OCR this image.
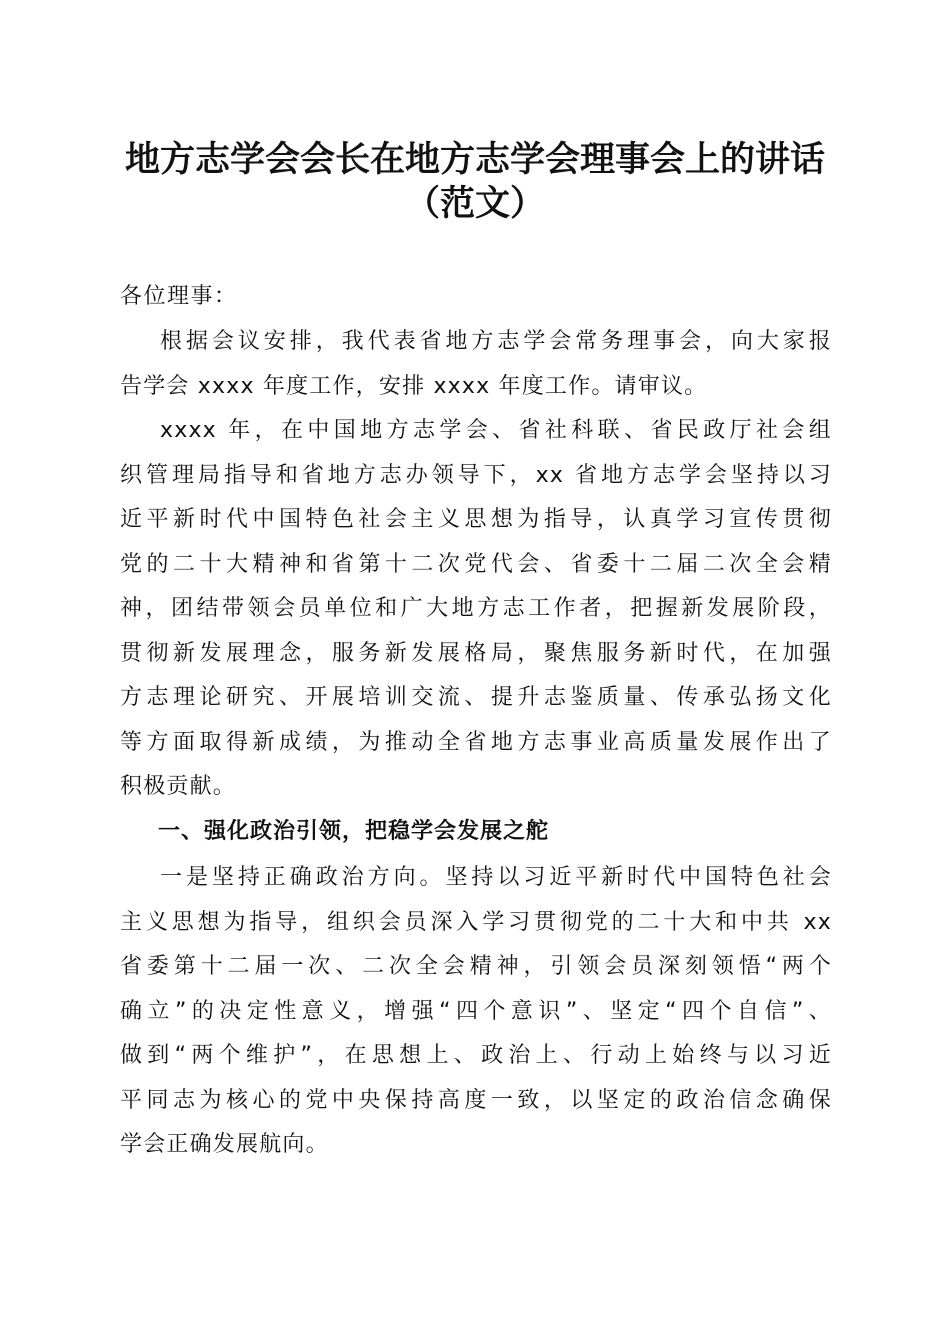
地方志学会会长在地方志学会理事会上的讲话
（范文）
各位理事：
根据会议安排，我代表省地方志学会常务理事会，向大家报
告学会 xxxx 年度工作，安排 xxxx 年度工作。请审议。
xxxx 年，在中国地方志学会、省社科联、省民政厅社会组
织管理局指导和省地方志办领导下，xx 省地方志学会坚持以习
近平新时代中国特色社会主义思想为指导，认真学习宣传贯彻
党的二十大精神和省第十二次党代会、省委十二届二次全会精
神，团结带领会员单位和广大地方志工作者，把握新发展阶段，
贯彻新发展理念，服务新发展格局，聚焦服务新时代，在加强
方志理论研究、开展培训交流、提升志鉴质量、传承弘扬文化
等方面取得新成绩，为推动全省地方志事业高质量发展作出了
积极贡献。
一、强化政治引领，把稳学会发展之舵
一是坚持正确政治方向。坚持以习近平新时代中国特色社会
主义思想为指导，组织会员深入学习贯彻党的二十大和中共 xx
省委第十二届一次、二次全会精神，引领会员深刻领悟“两个
确立”的决定性意义，增强“四个意识”、坚定“四个自信”、
做到“两个维护”，在思想上、政治上、行动上始终与以习近
平同志为核心的党中央保持高度一致，以坚定的政治信念确保
学会正确发展航向。
